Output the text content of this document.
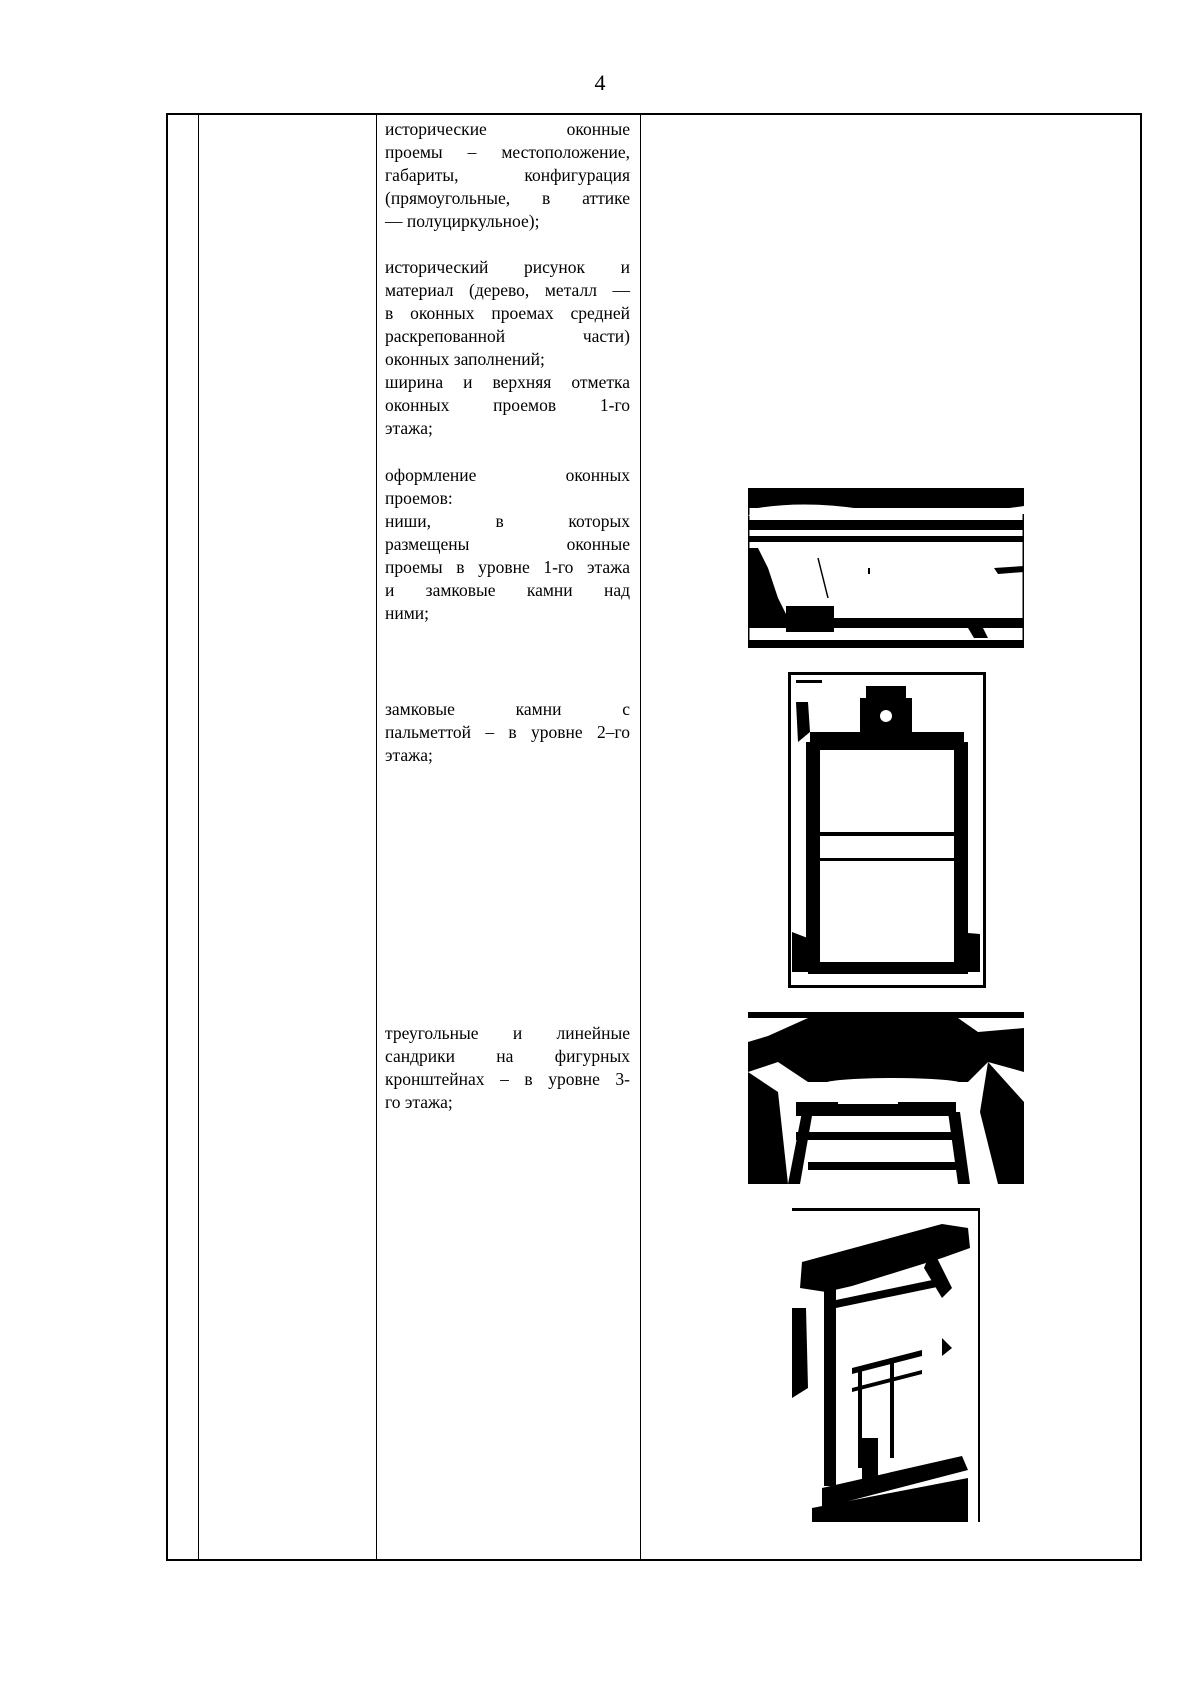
4

исторические оконные
проемы – местоположение,
габариты, конфигурация
(прямоугольные, в аттике
— полуциркульное);

исторический рисунок и
материал (дерево, металл —
в оконных проемах средней
раскрепованной части)
оконных заполнений;
ширина и верхняя отметка
оконных проемов 1-го
этажа;

оформление оконных
проемов:
ниши, в которых
размещены оконные
проемы в уровне 1-го этажа
и замковые камни над
ними;

замковые камни с
пальметтой – в уровне 2–го
этажа;

треугольные и линейные
сандрики на фигурных
кронштейнах – в уровне 3-
го этажа;
